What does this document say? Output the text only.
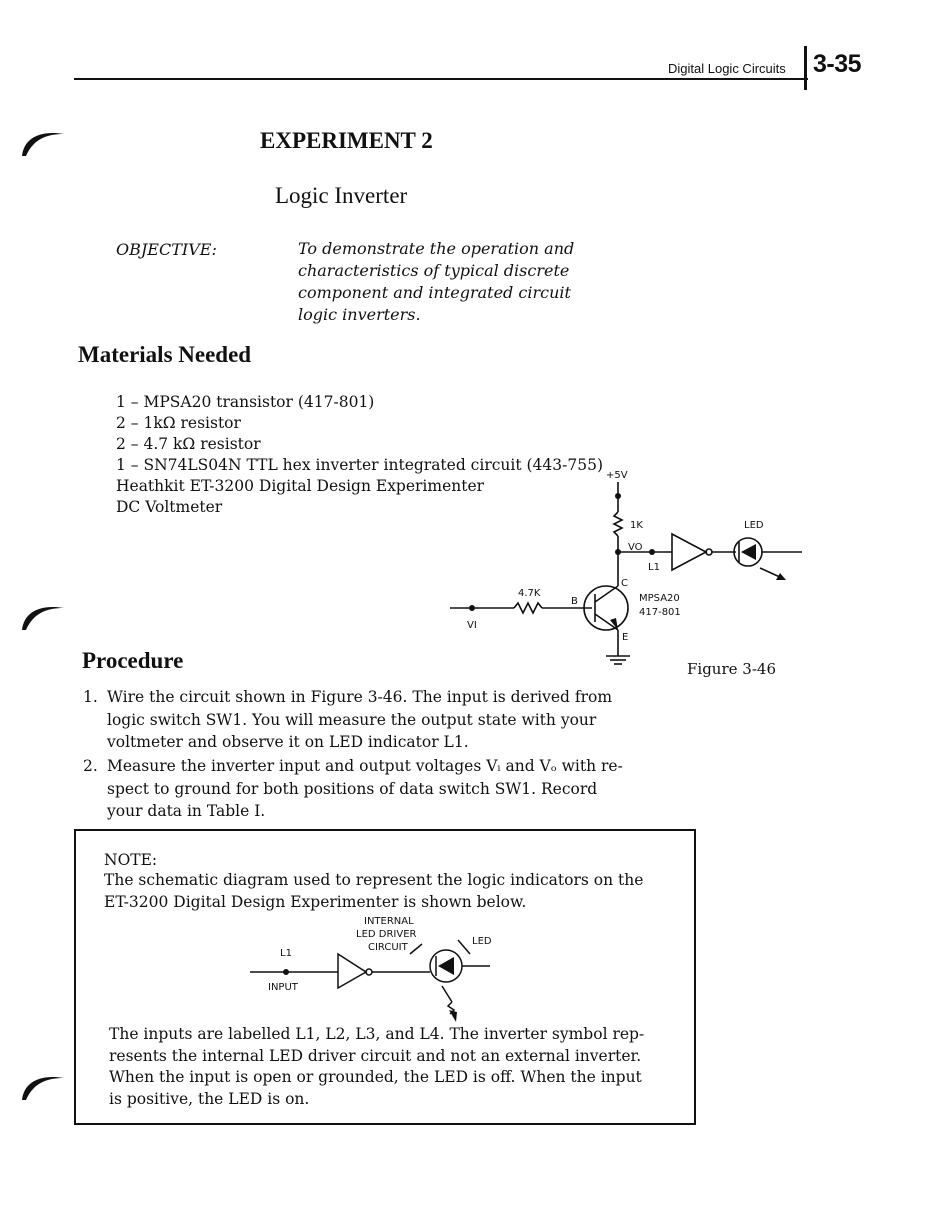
Digital Logic Circuits 3-35
EXPERIMENT 2
Logic Inverter
OBJECTIVE:	To demonstrate the operation and
characteristics of typical discrete
component and integrated circuit
logic inverters.
Materials Needed
1 – MPSA20 transistor (417-801)
2 – 1kΩ resistor
2 – 4.7 kΩ resistor
1 – SN74LS04N TTL hex inverter integrated circuit (443-755)
Heathkit ET-3200 Digital Design Experimenter
DC Voltmeter
+5V
1K
VO
L1
LED
4.7K
B
C
E
VI
MPSA20
417-801
Figure 3-46
Procedure
1. Wire the circuit shown in Figure 3-46. The input is derived from
logic switch SW1. You will measure the output state with your
voltmeter and observe it on LED indicator L1.
2. Measure the inverter input and output voltages Vᵢ and Vₒ with re-
spect to ground for both positions of data switch SW1. Record
your data in Table I.
NOTE:
The schematic diagram used to represent the logic indicators on the
ET-3200 Digital Design Experimenter is shown below.
INTERNAL
LED DRIVER
CIRCUIT
LED
L1
INPUT
The inputs are labelled L1, L2, L3, and L4. The inverter symbol rep-
resents the internal LED driver circuit and not an external inverter.
When the input is open or grounded, the LED is off. When the input
is positive, the LED is on.
